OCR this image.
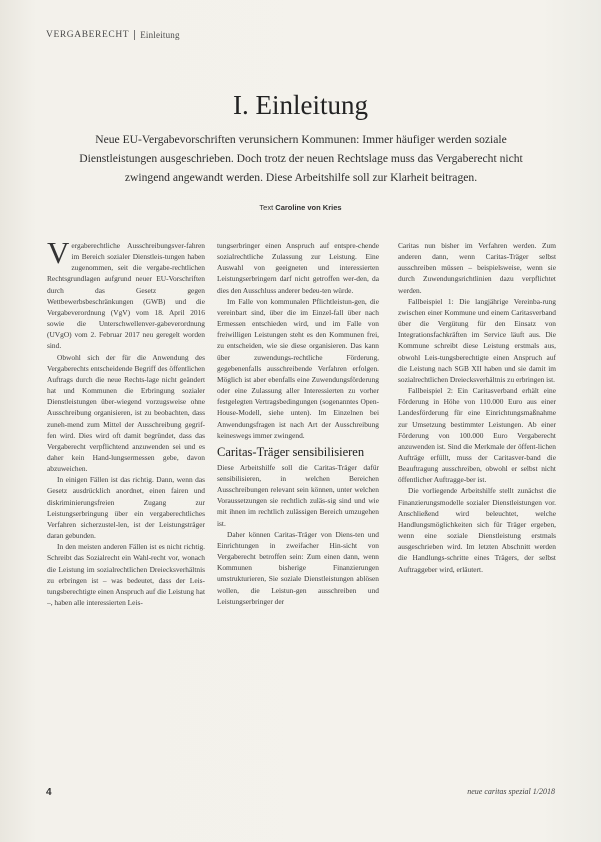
VERGABERECHT Einleitung
I. Einleitung

Neue EU-Vergabevorschriften verunsichern Kommunen: Immer häufiger werden soziale Dienstleistungen ausgeschrieben. Doch trotz der neuen Rechtslage muss das Vergaberecht nicht zwingend angewandt werden. Diese Arbeitshilfe soll zur Klarheit beitragen.

Text Caroline von Kries

Vergaberechtliche Ausschreibungsver-fahren im Bereich sozialer Dienstleis-tungen haben zugenommen, seit die vergabe-rechtlichen Rechtsgrundlagen aufgrund neuer EU-Vorschriften durch das Gesetz gegen Wettbewerbsbeschränkungen (GWB) und die Vergabeverordnung (VgV) vom 18. April 2016 sowie die Unterschwellenver-gabeverordnung (UVgO) vom 2. Februar 2017 neu geregelt worden sind.

Obwohl sich der für die Anwendung des Vergaberechts entscheidende Begriff des öffentlichen Auftrags durch die neue Rechts-lage nicht geändert hat und Kommunen die Erbringung sozialer Dienstleistungen über-wiegend vorzugsweise ohne Ausschreibung organisieren, ist zu beobachten, dass zuneh-mend zum Mittel der Ausschreibung gegrif-fen wird. Dies wird oft damit begründet, dass das Vergaberecht verpflichtend anzuwenden sei und es daher kein Hand-lungsermessen gebe, davon abzuweichen.

In einigen Fällen ist das richtig. Dann, wenn das Gesetz ausdrücklich anordnet, einen fairen und diskriminierungsfreien Zugang zur Leistungserbringung über ein vergaberechtliches Verfahren sicherzustel-len, ist der Leistungsträger daran gebunden.

In den meisten anderen Fällen ist es nicht richtig. Schreibt das Sozialrecht ein Wahl-recht vor, wonach die Leistung im sozialrechtlichen Dreiecksverhältnis zu erbringen ist – was bedeutet, dass der Leis-tungsberechtigte einen Anspruch auf die Leistung hat –, haben alle interessierten Leis-

tungserbringer einen Anspruch auf entspre-chende sozialrechtliche Zulassung zur Leistung. Eine Auswahl von geeigneten und interessierten Leistungserbringern darf nicht getroffen wer-den, da dies den Ausschluss anderer bedeu-ten würde.

Im Falle von kommunalen Pflichtleistun-gen, die vereinbart sind, über die im Einzel-fall über nach Ermessen entschieden wird, und im Falle von freiwilligen Leistungen steht es den Kommunen frei, zu entscheiden, wie sie diese organisieren. Das kann über zuwendungs-rechtliche Förderung, gegebenenfalls ausschreibende Verfahren erfolgen. Möglich ist aber ebenfalls eine Zuwendungsförderung oder eine Zulassung aller Interessierten zu vorher festgelegten Vertragsbedingungen (sogenanntes Open-House-Modell, siehe unten). Im Einzelnen bei Anwendungsfragen ist nach Art der Ausschreibung keineswegs immer zwingend.

Caritas-Träger sensibilisieren

Diese Arbeitshilfe soll die Caritas-Träger dafür sensibilisieren, in welchen Bereichen Ausschreibungen relevant sein können, unter welchen Voraussetzungen sie rechtlich zuläs-sig sind und wie mit ihnen im rechtlich zulässigen Bereich umzugehen ist.

Daher können Caritas-Träger von Diens-ten und Einrichtungen in zweifacher Hin-sicht von Vergaberecht betroffen sein: Zum einen dann, wenn Kommunen bisherige Finanzierungen umstrukturieren, Sie soziale Dienstleistungen ablösen wollen, die Leistun-gen ausschreiben und Leistungserbringer der

Caritas nun bisher im Verfahren werden. Zum anderen dann, wenn Caritas-Träger selbst ausschreiben müssen – beispielsweise, wenn sie durch Zuwendungsrichtlinien dazu verpflichtet werden.

Fallbeispiel 1: Die langjährige Vereinba-rung zwischen einer Kommune und einem Caritasverband über die Vergütung für den Einsatz von Integrationsfachkräften im Service läuft aus. Die Kommune schreibt diese Leistung erstmals aus, obwohl Leis-tungsberechtigte einen Anspruch auf die Leistung nach SGB XII haben und sie damit im sozialrechtlichen Dreiecksverhältnis zu erbringen ist.

Fallbeispiel 2: Ein Caritasverband erhält eine Förderung in Höhe von 110.000 Euro aus einer Landesförderung für eine Einrichtungsmaßnahme zur Umsetzung bestimmter Leistungen. Ab einer Förderung von 100.000 Euro Vergaberecht anzuwenden ist. Sind die Merkmale der öffent-lichen Aufträge erfüllt, muss der Caritasver-band die Beauftragung ausschreiben, obwohl er selbst nicht öffentlicher Auftragge-ber ist.

Die vorliegende Arbeitshilfe stellt zunächst die Finanzierungsmodelle sozialer Dienstleistungen vor. Anschließend wird beleuchtet, welche Handlungsmöglichkeiten sich für Träger ergeben, wenn eine soziale Dienstleistung erstmals ausgeschrieben wird. Im letzten Abschnitt werden die Handlungs-schritte eines Trägers, der selbst Auftraggeber wird, erläutert.

4	neue caritas spezial 1/2018
